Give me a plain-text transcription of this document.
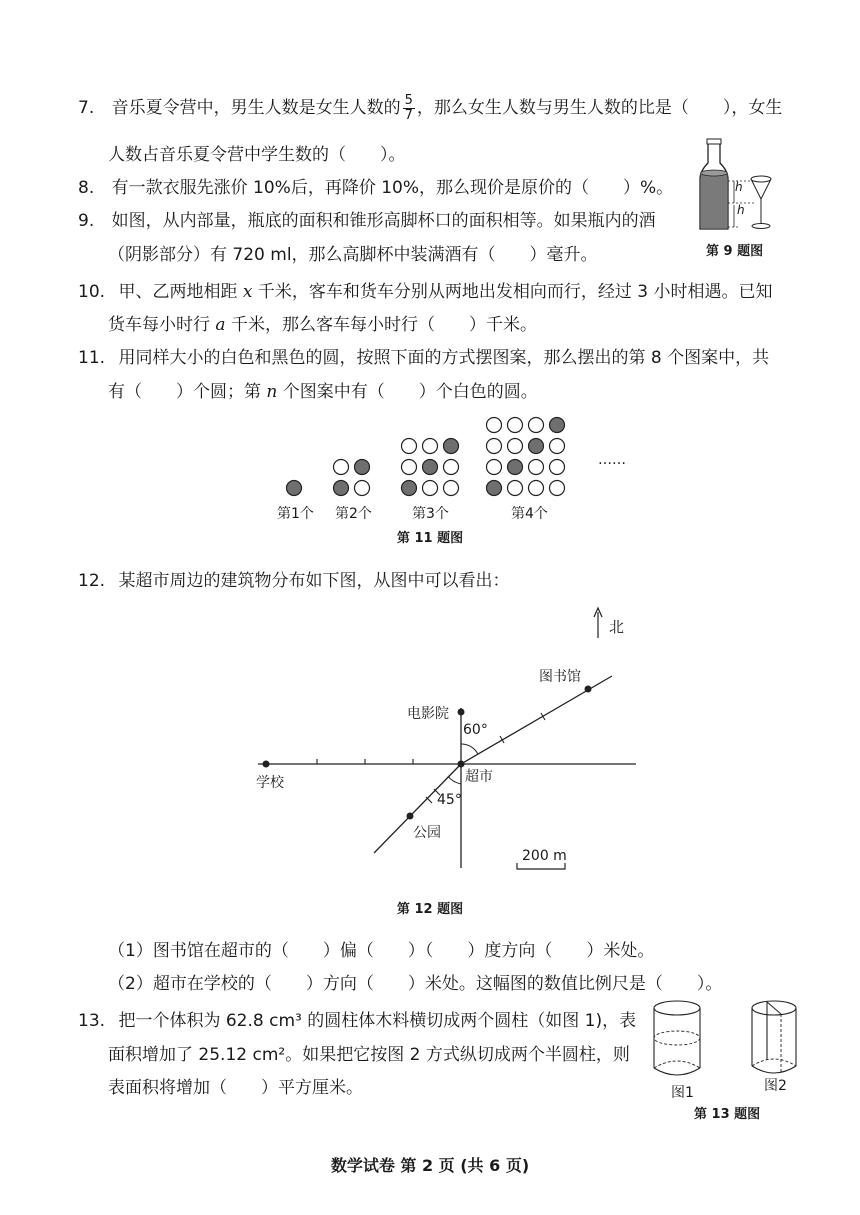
7. 音乐夏令营中，男生人数是女生人数的 $\frac{5}{7}$ ，那么女生人数与男生人数的比是（　　），女生
人数占音乐夏令营中学生数的（　　）。
8. 有一款衣服先涨价 10%后，再降价 10%，那么现价是原价的（　　）%。
9. 如图，从内部量，瓶底的面积和锥形高脚杯口的面积相等。如果瓶内的酒
（阴影部分）有 720 ml，那么高脚杯中装满酒有（　　）毫升。
h
h
第 9 题图
10. 甲、乙两地相距 x 千米，客车和货车分别从两地出发相向而行，经过 3 小时相遇。已知
货车每小时行 a 千米，那么客车每小时行（　　）千米。
11. 用同样大小的白色和黑色的圆，按照下面的方式摆图案，那么摆出的第 8 个图案中，共
有（　　）个圆；第 n 个图案中有（　　）个白色的圆。
第1个 第2个	第3个	第4个
……
第 11 题图
12. 某超市周边的建筑物分布如下图，从图中可以看出：
北
图书馆
电影院
60°
学校	超市
45°
公园
200 m
第 12 题图
（1）图书馆在超市的（　　）偏（　　）（　　）度方向（　　）米处。
（2）超市在学校的（　　）方向（　　）米处。这幅图的数值比例尺是（　　）。
13. 把一个体积为 62.8 cm³ 的圆柱体木料横切成两个圆柱（如图 1)，表
面积增加了 25.12 cm²。如果把它按图 2 方式纵切成两个半圆柱，则
表面积将增加（　　）平方厘米。	图1	图2
第 13 题图
数学试卷 第 2 页 (共 6 页)
